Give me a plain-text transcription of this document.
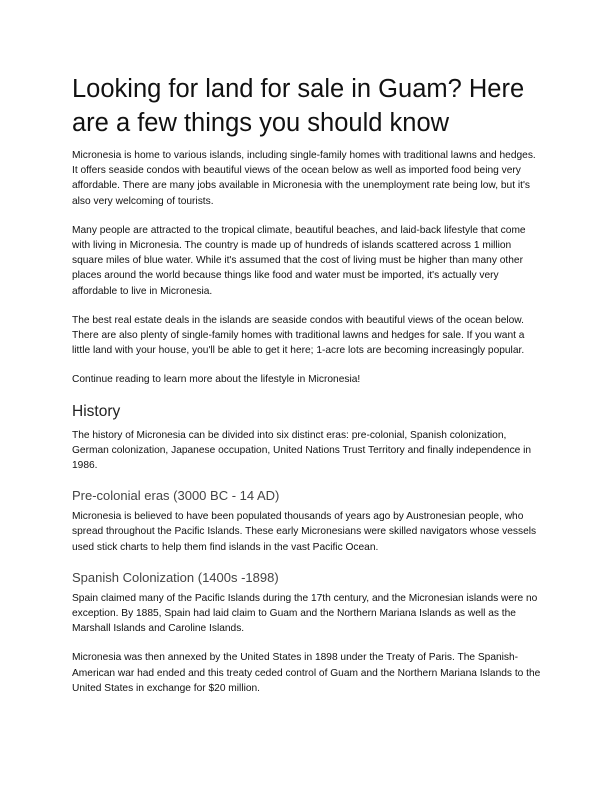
Looking for land for sale in Guam? Here are a few things you should know

Micronesia is home to various islands, including single-family homes with traditional lawns and hedges. It offers seaside condos with beautiful views of the ocean below as well as imported food being very affordable. There are many jobs available in Micronesia with the unemployment rate being low, but it's also very welcoming of tourists.

Many people are attracted to the tropical climate, beautiful beaches, and laid-back lifestyle that come with living in Micronesia. The country is made up of hundreds of islands scattered across 1 million square miles of blue water. While it's assumed that the cost of living must be higher than many other places around the world because things like food and water must be imported, it's actually very affordable to live in Micronesia.

The best real estate deals in the islands are seaside condos with beautiful views of the ocean below. There are also plenty of single-family homes with traditional lawns and hedges for sale. If you want a little land with your house, you'll be able to get it here; 1-acre lots are becoming increasingly popular.

Continue reading to learn more about the lifestyle in Micronesia!

History

The history of Micronesia can be divided into six distinct eras: pre-colonial, Spanish colonization, German colonization, Japanese occupation, United Nations Trust Territory and finally independence in 1986.

Pre-colonial eras (3000 BC - 14 AD)

Micronesia is believed to have been populated thousands of years ago by Austronesian people, who spread throughout the Pacific Islands. These early Micronesians were skilled navigators whose vessels used stick charts to help them find islands in the vast Pacific Ocean.

Spanish Colonization (1400s -1898)

Spain claimed many of the Pacific Islands during the 17th century, and the Micronesian islands were no exception. By 1885, Spain had laid claim to Guam and the Northern Mariana Islands as well as the Marshall Islands and Caroline Islands.

Micronesia was then annexed by the United States in 1898 under the Treaty of Paris. The Spanish-American war had ended and this treaty ceded control of Guam and the Northern Mariana Islands to the United States in exchange for $20 million.
